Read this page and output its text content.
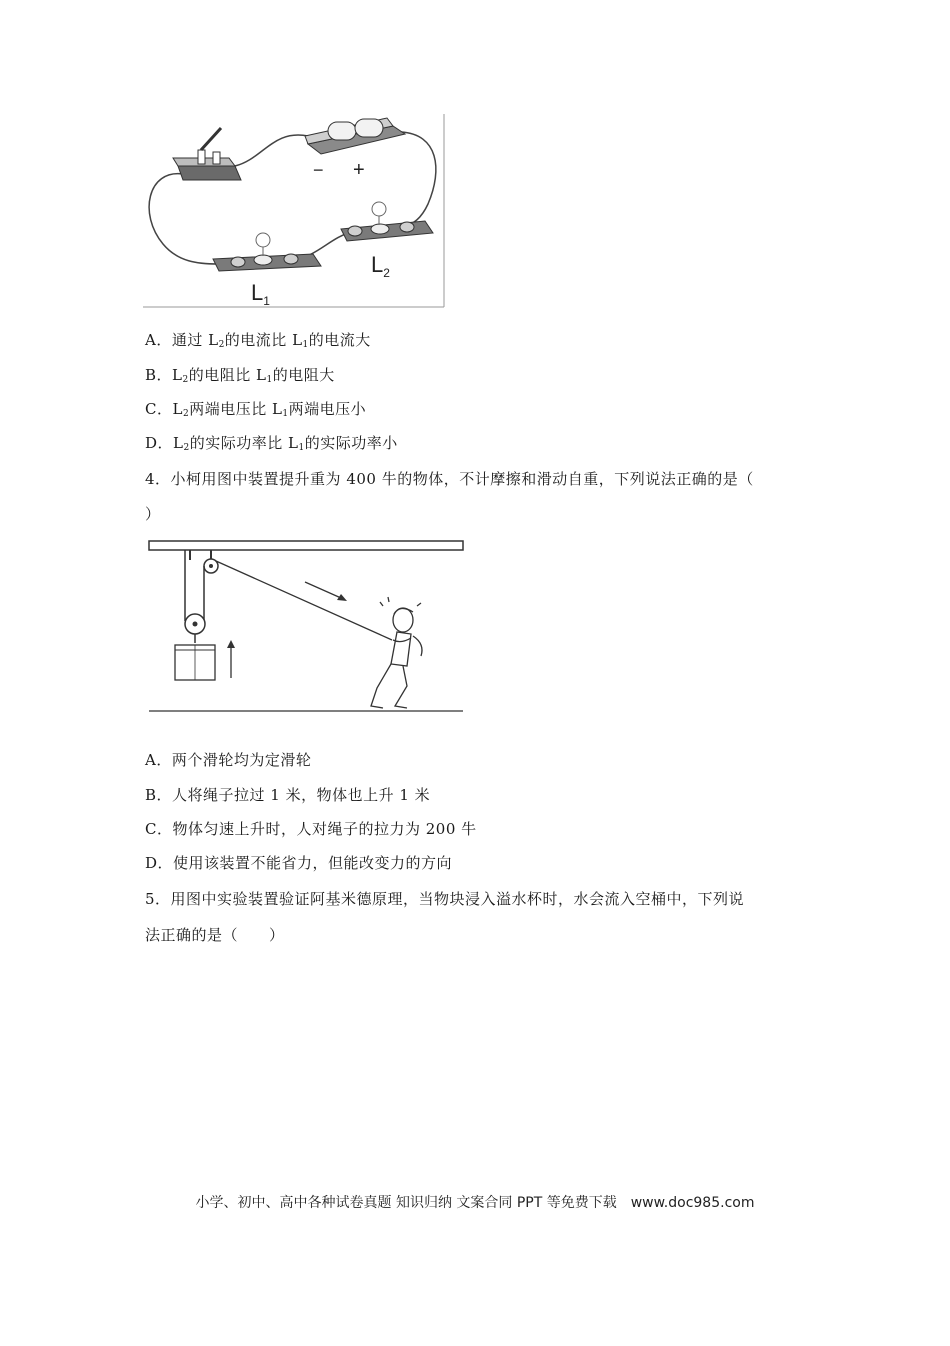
− +
$L_1$
$L_2$
A．通过 $L_2$的电流比 $L_1$的电流大
B．$L_2$的电阻比 $L_1$的电阻大
C．$L_2$两端电压比 $L_1$两端电压小
D．$L_2$的实际功率比 $L_1$的实际功率小
4．小柯用图中装置提升重为 400 牛的物体，不计摩擦和滑动自重，下列说法正确的是（
）
A．两个滑轮均为定滑轮
B．人将绳子拉过 1 米，物体也上升 1 米
C．物体匀速上升时，人对绳子的拉力为 200 牛
D．使用该装置不能省力，但能改变力的方向
5．用图中实验装置验证阿基米德原理，当物块浸入溢水杯时，水会流入空桶中，下列说
法正确的是（　　）
小学、初中、高中各种试卷真题 知识归纳 文案合同 PPT 等免费下载　www.doc985.com
